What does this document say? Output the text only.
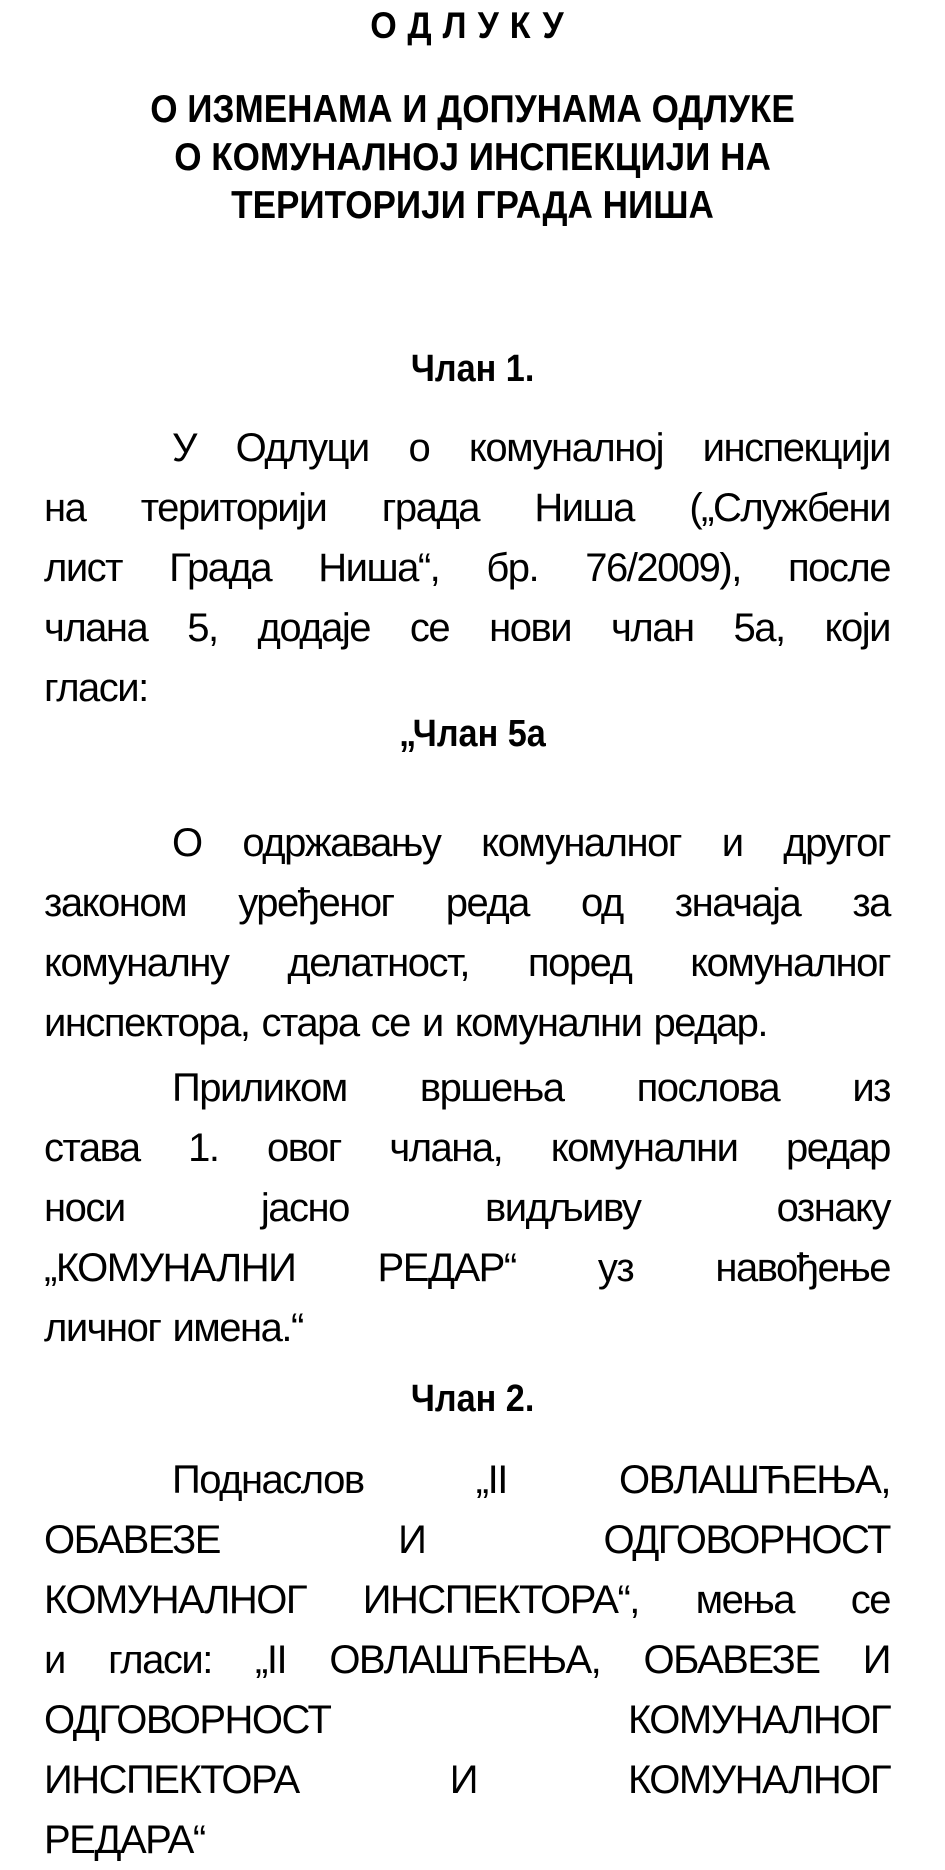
ОДЛУКУ
О ИЗМЕНАМА И ДОПУНАМА ОДЛУКЕ
О КОМУНАЛНОЈ ИНСПЕКЦИЈИ НА
ТЕРИТОРИЈИ ГРАДА НИША
Члан 1.
У Одлуци о комуналној инспекцији
на територији града Ниша („Службени
лист Града Ниша“, бр. 76/2009), после
члана 5, додаје се нови члан 5а, који
гласи:
„Члан 5а
О одржавању комуналног и другог
законом уређеног реда од значаја за
комуналну делатност, поред комуналног
инспектора, стара се и комунални редар.
Приликом вршења послова из
става 1. овог члана, комунални редар
носи	јасно	видљиву	ознаку
„КОМУНАЛНИ РЕДАР“ уз навођење
личног имена.“
Члан 2.
Поднаслов	„II	ОВЛАШЋЕЊА,
ОБАВЕЗЕ	И	ОДГОВОРНОСТ
КОМУНАЛНОГ ИНСПЕКТОРА“, мења се
и гласи: „II ОВЛАШЋЕЊА, ОБАВЕЗЕ И
ОДГОВОРНОСТ	КОМУНАЛНОГ
ИНСПЕКТОРА	И	КОМУНАЛНОГ
РЕДАРА“
